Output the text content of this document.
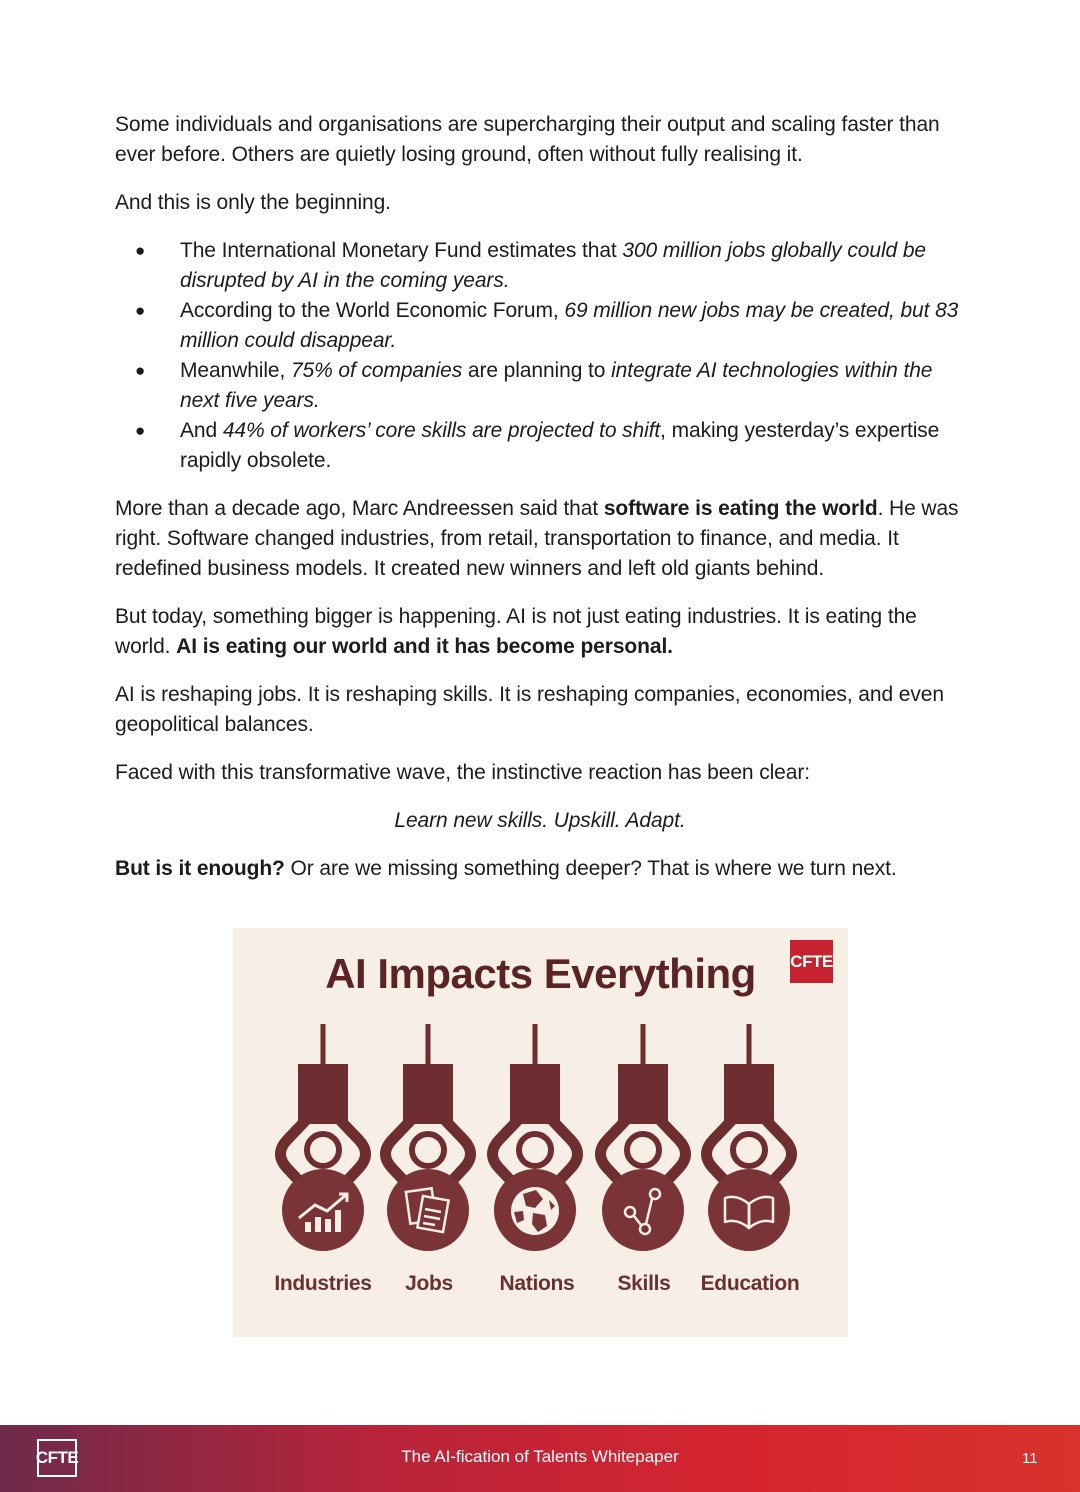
Some individuals and organisations are supercharging their output and scaling faster than ever before. Others are quietly losing ground, often without fully realising it.

And this is only the beginning.

● The International Monetary Fund estimates that 300 million jobs globally could be disrupted by AI in the coming years.
● According to the World Economic Forum, 69 million new jobs may be created, but 83 million could disappear.
● Meanwhile, 75% of companies are planning to integrate AI technologies within the next five years.
● And 44% of workers’ core skills are projected to shift, making yesterday’s expertise rapidly obsolete.

More than a decade ago, Marc Andreessen said that software is eating the world. He was right. Software changed industries, from retail, transportation to finance, and media. It redefined business models. It created new winners and left old giants behind.

But today, something bigger is happening. AI is not just eating industries. It is eating the world. AI is eating our world and it has become personal.

AI is reshaping jobs. It is reshaping skills. It is reshaping companies, economies, and even geopolitical balances.

Faced with this transformative wave, the instinctive reaction has been clear:

Learn new skills. Upskill. Adapt.

But is it enough? Or are we missing something deeper? That is where we turn next.

AI Impacts Everything	CFTE
Industries	Jobs	Nations	Skills	Education
CFTE	The AI-fication of Talents Whitepaper	11
